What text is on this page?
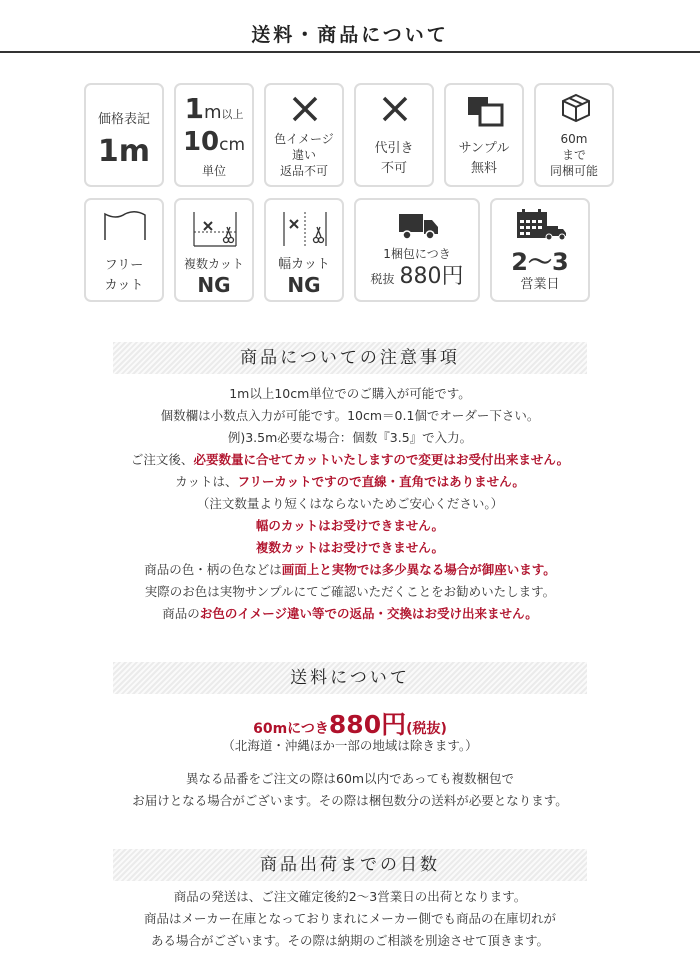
送料・商品について
価格表記
1m
1m以上
10cm
単位
色イメージ
違い
返品不可
代引き
不可
サンプル
無料
60m
まで
同梱可能
フリー
カット
複数カット
NG
幅カット
NG
1梱包につき
税抜 880円
2〜3
営業日
商品についての注意事項
1m以上10cm単位でのご購入が可能です。
個数欄は小数点入力が可能です。10cm＝0.1個でオーダー下さい。
例)3.5m必要な場合：個数『3.5』で入力。
ご注文後、必要数量に合せてカットいたしますので変更はお受付出来ません。
カットは、フリーカットですので直線・直角ではありません。
（注文数量より短くはならないためご安心ください。）
幅のカットはお受けできません。
複数カットはお受けできません。
商品の色・柄の色などは画面上と実物では多少異なる場合が御座います。
実際のお色は実物サンプルにてご確認いただくことをお勧めいたします。
商品のお色のイメージ違い等での返品・交換はお受け出来ません。
送料について
60mにつき880円(税抜)
（北海道・沖縄ほか一部の地域は除きます。）
異なる品番をご注文の際は60m以内であっても複数梱包で
お届けとなる場合がございます。その際は梱包数分の送料が必要となります。
商品出荷までの日数
商品の発送は、ご注文確定後約2〜3営業日の出荷となります。
商品はメーカー在庫となっておりまれにメーカー側でも商品の在庫切れが
ある場合がございます。その際は納期のご相談を別途させて頂きます。
